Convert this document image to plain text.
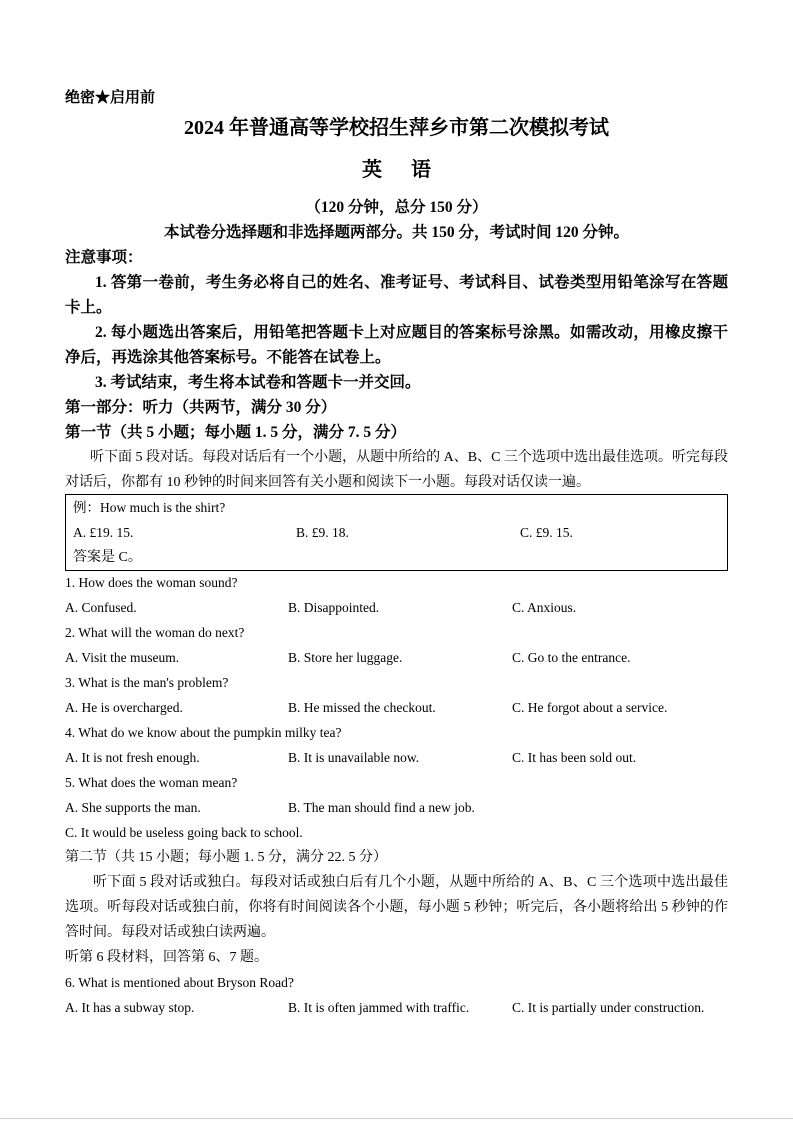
绝密★启用前
2024 年普通高等学校招生萍乡市第二次模拟考试
英 语
（120 分钟，总分 150 分）
本试卷分选择题和非选择题两部分。共 150 分，考试时间 120 分钟。
注意事项：
1. 答第一卷前，考生务必将自己的姓名、准考证号、考试科目、试卷类型用铅笔涂写在答题卡上。
2. 每小题选出答案后，用铅笔把答题卡上对应题目的答案标号涂黑。如需改动，用橡皮擦干净后，再选涂其他答案标号。不能答在试卷上。
3. 考试结束，考生将本试卷和答题卡一并交回。
第一部分：听力（共两节，满分 30 分）
第一节（共 5 小题；每小题 1. 5 分，满分 7. 5 分）
听下面 5 段对话。每段对话后有一个小题，从题中所给的 A、B、C 三个选项中选出最佳选项。听完每段对话后，你都有 10 秒钟的时间来回答有关小题和阅读下一小题。每段对话仅读一遍。
例：How much is the shirt?
A. £19. 15.	B. £9. 18.	C. £9. 15.
答案是 C。
1. How does the woman sound?
A. Confused.	B. Disappointed.	C. Anxious.
2. What will the woman do next?
A. Visit the museum.	B. Store her luggage.	C. Go to the entrance.
3. What is the man's problem?
A. He is overcharged.	B. He missed the checkout.	C. He forgot about a service.
4. What do we know about the pumpkin milky tea?
A. It is not fresh enough.	B. It is unavailable now.	C. It has been sold out.
5. What does the woman mean?
A. She supports the man.	B. The man should find a new job.
C. It would be useless going back to school.
第二节（共 15 小题；每小题 1. 5 分，满分 22. 5 分）
听下面 5 段对话或独白。每段对话或独白后有几个小题，从题中所给的 A、B、C 三个选项中选出最佳选项。听每段对话或独白前，你将有时间阅读各个小题，每小题 5 秒钟；听完后，各小题将给出 5 秒钟的作答时间。每段对话或独白读两遍。
听第 6 段材料，回答第 6、7 题。
6. What is mentioned about Bryson Road?
A. It has a subway stop.	B. It is often jammed with traffic.	C. It is partially under construction.
